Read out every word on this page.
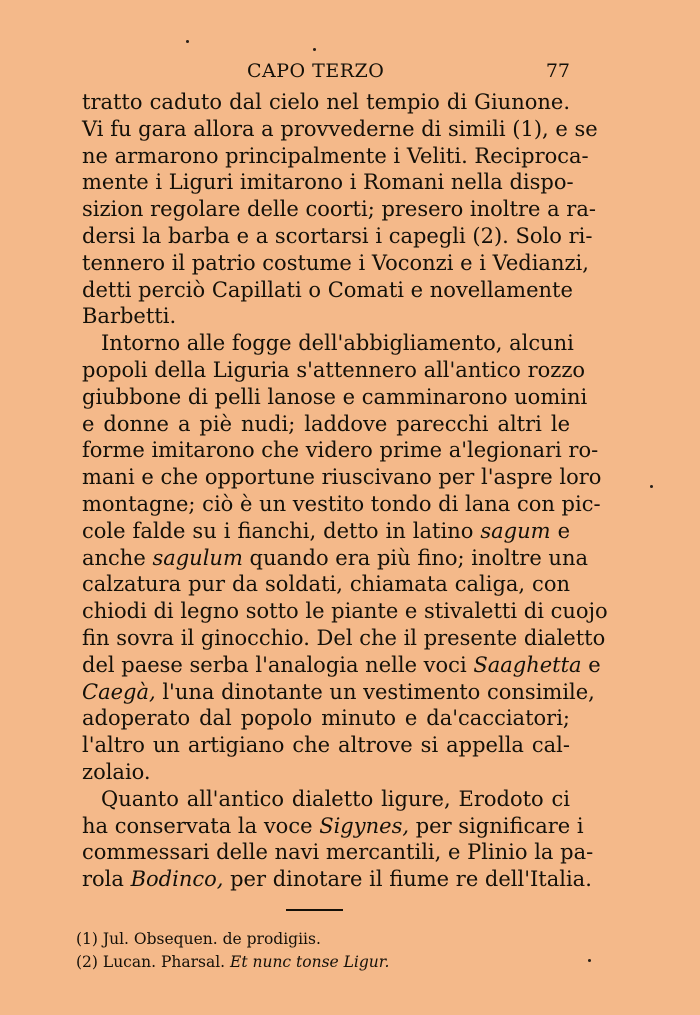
CAPO TERZO	77
tratto caduto dal cielo nel tempio di Giunone.
Vi fu gara allora a provvederne di simili (1), e se
ne armarono principalmente i Veliti. Reciproca-
mente i Liguri imitarono i Romani nella dispo-
sizion regolare delle coorti; presero inoltre a ra-
dersi la barba e a scortarsi i capegli (2). Solo ri-
tennero il patrio costume i Voconzi e i Vedianzi,
detti perciò Capillati o Comati e novellamente
Barbetti.
Intorno alle fogge dell'abbigliamento, alcuni
popoli della Liguria s'attennero all'antico rozzo
giubbone di pelli lanose e camminarono uomini
e donne a piè nudi; laddove parecchi altri le
forme imitarono che videro prime a'legionari ro-
mani e che opportune riuscivano per l'aspre loro
montagne; ciò è un vestito tondo di lana con pic-
cole falde su i fianchi, detto in latino sagum e
anche sagulum quando era più fino; inoltre una
calzatura pur da soldati, chiamata caliga, con
chiodi di legno sotto le piante e stivaletti di cuojo
fin sovra il ginocchio. Del che il presente dialetto
del paese serba l'analogia nelle voci Saaghetta e
Caegà, l'una dinotante un vestimento consimile,
adoperato dal popolo minuto e da'cacciatori;
l'altro un artigiano che altrove si appella cal-
zolaio.
Quanto all'antico dialetto ligure, Erodoto ci
ha conservata la voce Sigynes, per significare i
commessari delle navi mercantili, e Plinio la pa-
rola Bodinco, per dinotare il fiume re dell'Italia.
(1) Jul. Obsequen. de prodigiis.
(2) Lucan. Pharsal. Et nunc tonse Ligur.
